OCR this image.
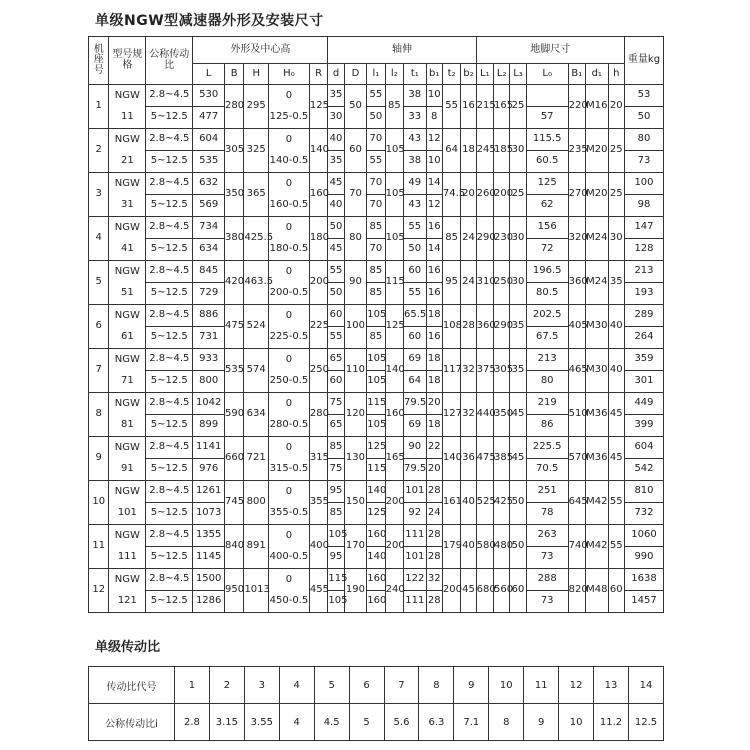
单级NGW型减速器外形及安装尺寸
机座号	型号规格	公称传动比	外形及中心高					轴伸								地脚尺寸							重量kg
			L	B	H	H₀	R	d	D	l₁	l₂	t₁	b₁	t₂	b₂	L₁	L₂	L₃	L₀	B₁	d₁	h	
1	NGW	2.8~4.5	530	280	295	0	125	35	50	55	85	38	10	55	16	215	165	25		220	M16	20	53
	11	5~12.5	477			125-0.5		30		50		33	8						57				50
2	NGW	2.8~4.5	604	305	325	0	140	40	60	70	105	43	12	64	18	245	185	30	115.5	235	M20	25	80
	21	5~12.5	535			140-0.5		35		55		38	10						60.5				73
3	NGW	2.8~4.5	632	350	365	0	160	45	70	70	105	49	14	74.5	20	260	200	25	125	270	M20	25	100
	31	5~12.5	569			160-0.5		40		70		43	12						62				98
4	NGW	2.8~4.5	734	380	425.5	0	180	50	80	85	105	55	16	85	24	290	230	30	156	320	M24	30	147
	41	5~12.5	634			180-0.5		45		70		50	14						72				128
5	NGW	2.8~4.5	845	420	463.5	0	200	55	90	85	115	60	16	95	24	310	250	30	196.5	360	M24	35	213
	51	5~12.5	729			200-0.5		50		85		55	16						80.5				193
6	NGW	2.8~4.5	886	475	524	0	225	60	100	105	125	65.5	18	108	28	360	290	35	202.5	405	M30	40	289
	61	5~12.5	731			225-0.5		55		85		60	16						67.5				264
7	NGW	2.8~4.5	933	535	574	0	250	65	110	105	140	69	18	117	32	375	305	35	213	465	M30	40	359
	71	5~12.5	800			250-0.5		60		105		64	18						80				301
8	NGW	2.8~4.5	1042	590	634	0	280	75	120	115	160	79.5	20	127	32	440	350	45	219	510	M36	45	449
	81	5~12.5	899			280-0.5		65		105		69	18						86				399
9	NGW	2.8~4.5	1141	660	721	0	315	85	130	125	165	90	22	140	36	475	385	45	225.5	570	M36	45	604
	91	5~12.5	976			315-0.5		75		115		79.5	20						70.5				542
10	NGW	2.8~4.5	1261	745	800	0	355	95	150	140	200	101	28	161	40	525	425	50	251	645	M42	55	810
	101	5~12.5	1073			355-0.5		85		125		92	24						78				732
11	NGW	2.8~4.5	1355	840	891	0	400	105	170	160	200	111	28	179	40	580	480	50	263	740	M42	55	1060
	111	5~12.5	1145			400-0.5		95		140		101	28						73				990
12	NGW	2.8~4.5	1500	950	1013	0	455	115	190	160	240	122	32	200	45	680	560	60	288	820	M48	60	1638
	121	5~12.5	1286			450-0.5		105		160		111	28						73				1457
单级传动比
传动比代号	1	2	3	4	5	6	7	8	9	10	11	12	13	14
公称传动比i	2.8	3.15	3.55	4	4.5	5	5.6	6.3	7.1	8	9	10	11.2	12.5
